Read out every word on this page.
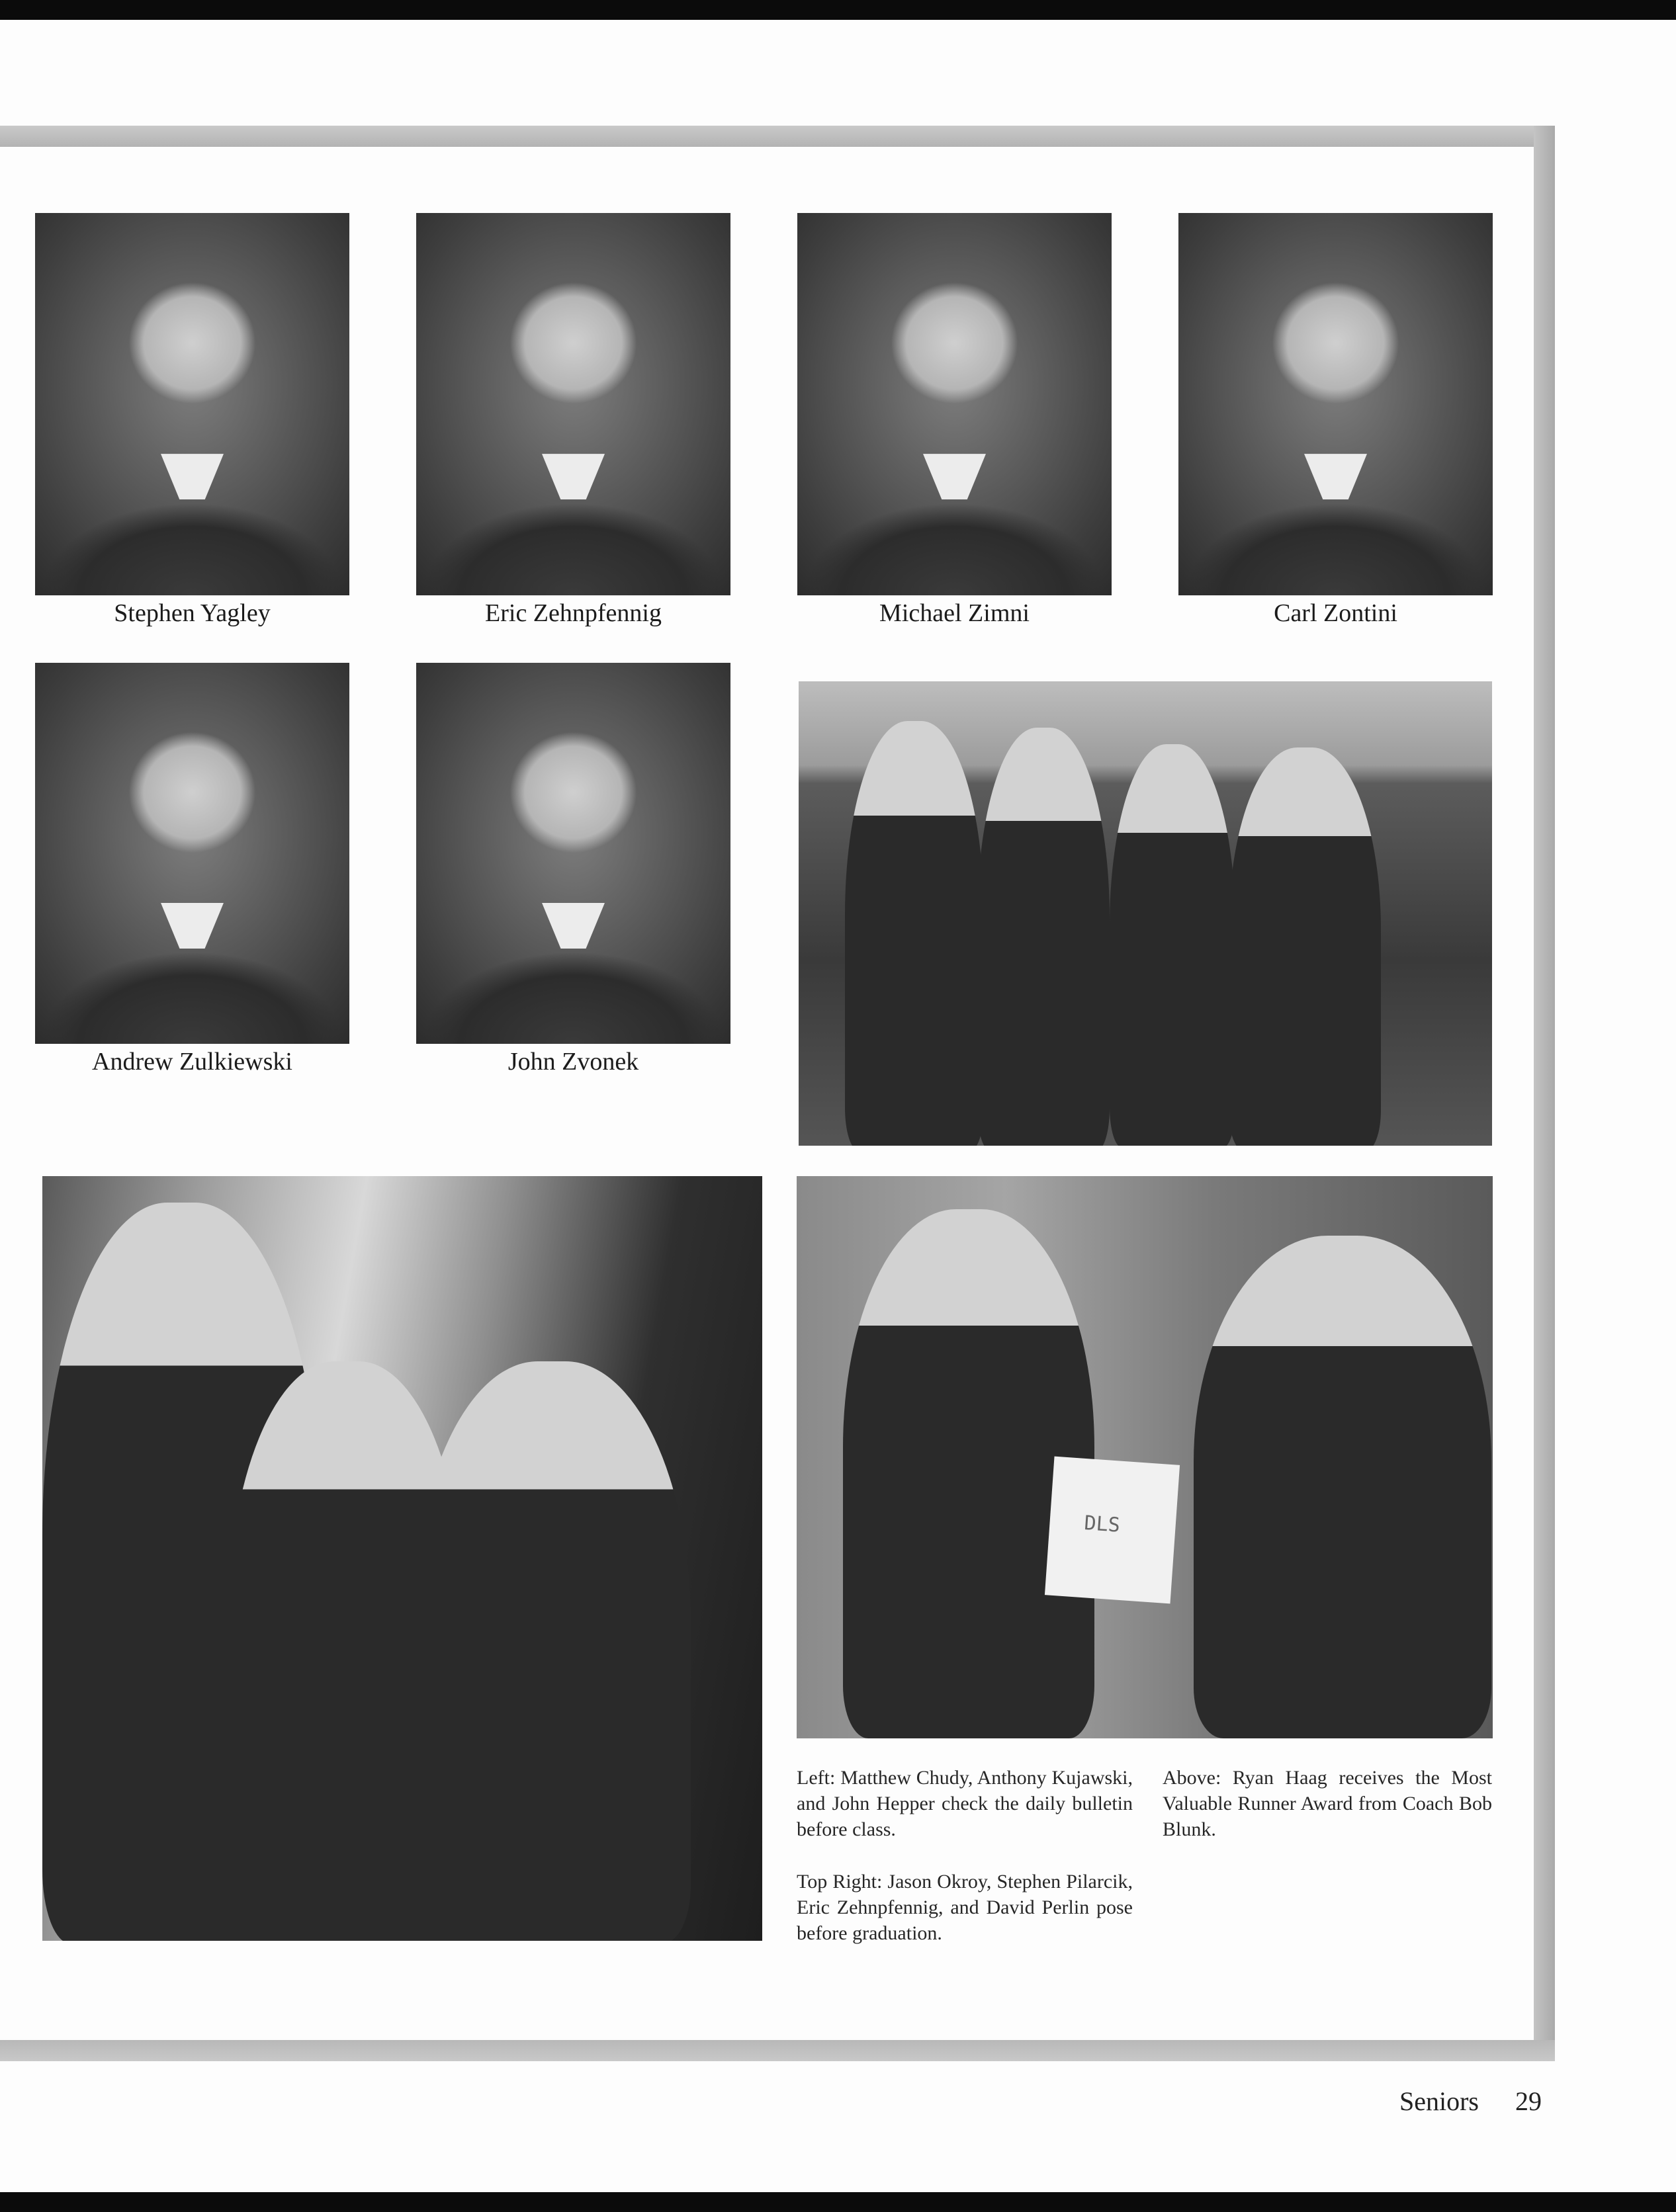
Stephen Yagley	Eric Zehnpfennig	Michael Zimni	Carl Zontini
Andrew Zulkiewski	John Zvonek
DLS
Left: Matthew Chudy, Anthony Kujawski, and John Hepper check the daily bulletin before class.
Top Right: Jason Okroy, Stephen Pilarcik, Eric Zehnpfennig, and David Perlin pose before graduation.
Above: Ryan Haag receives the Most Valuable Runner Award from Coach Bob Blunk.
Seniors 29
